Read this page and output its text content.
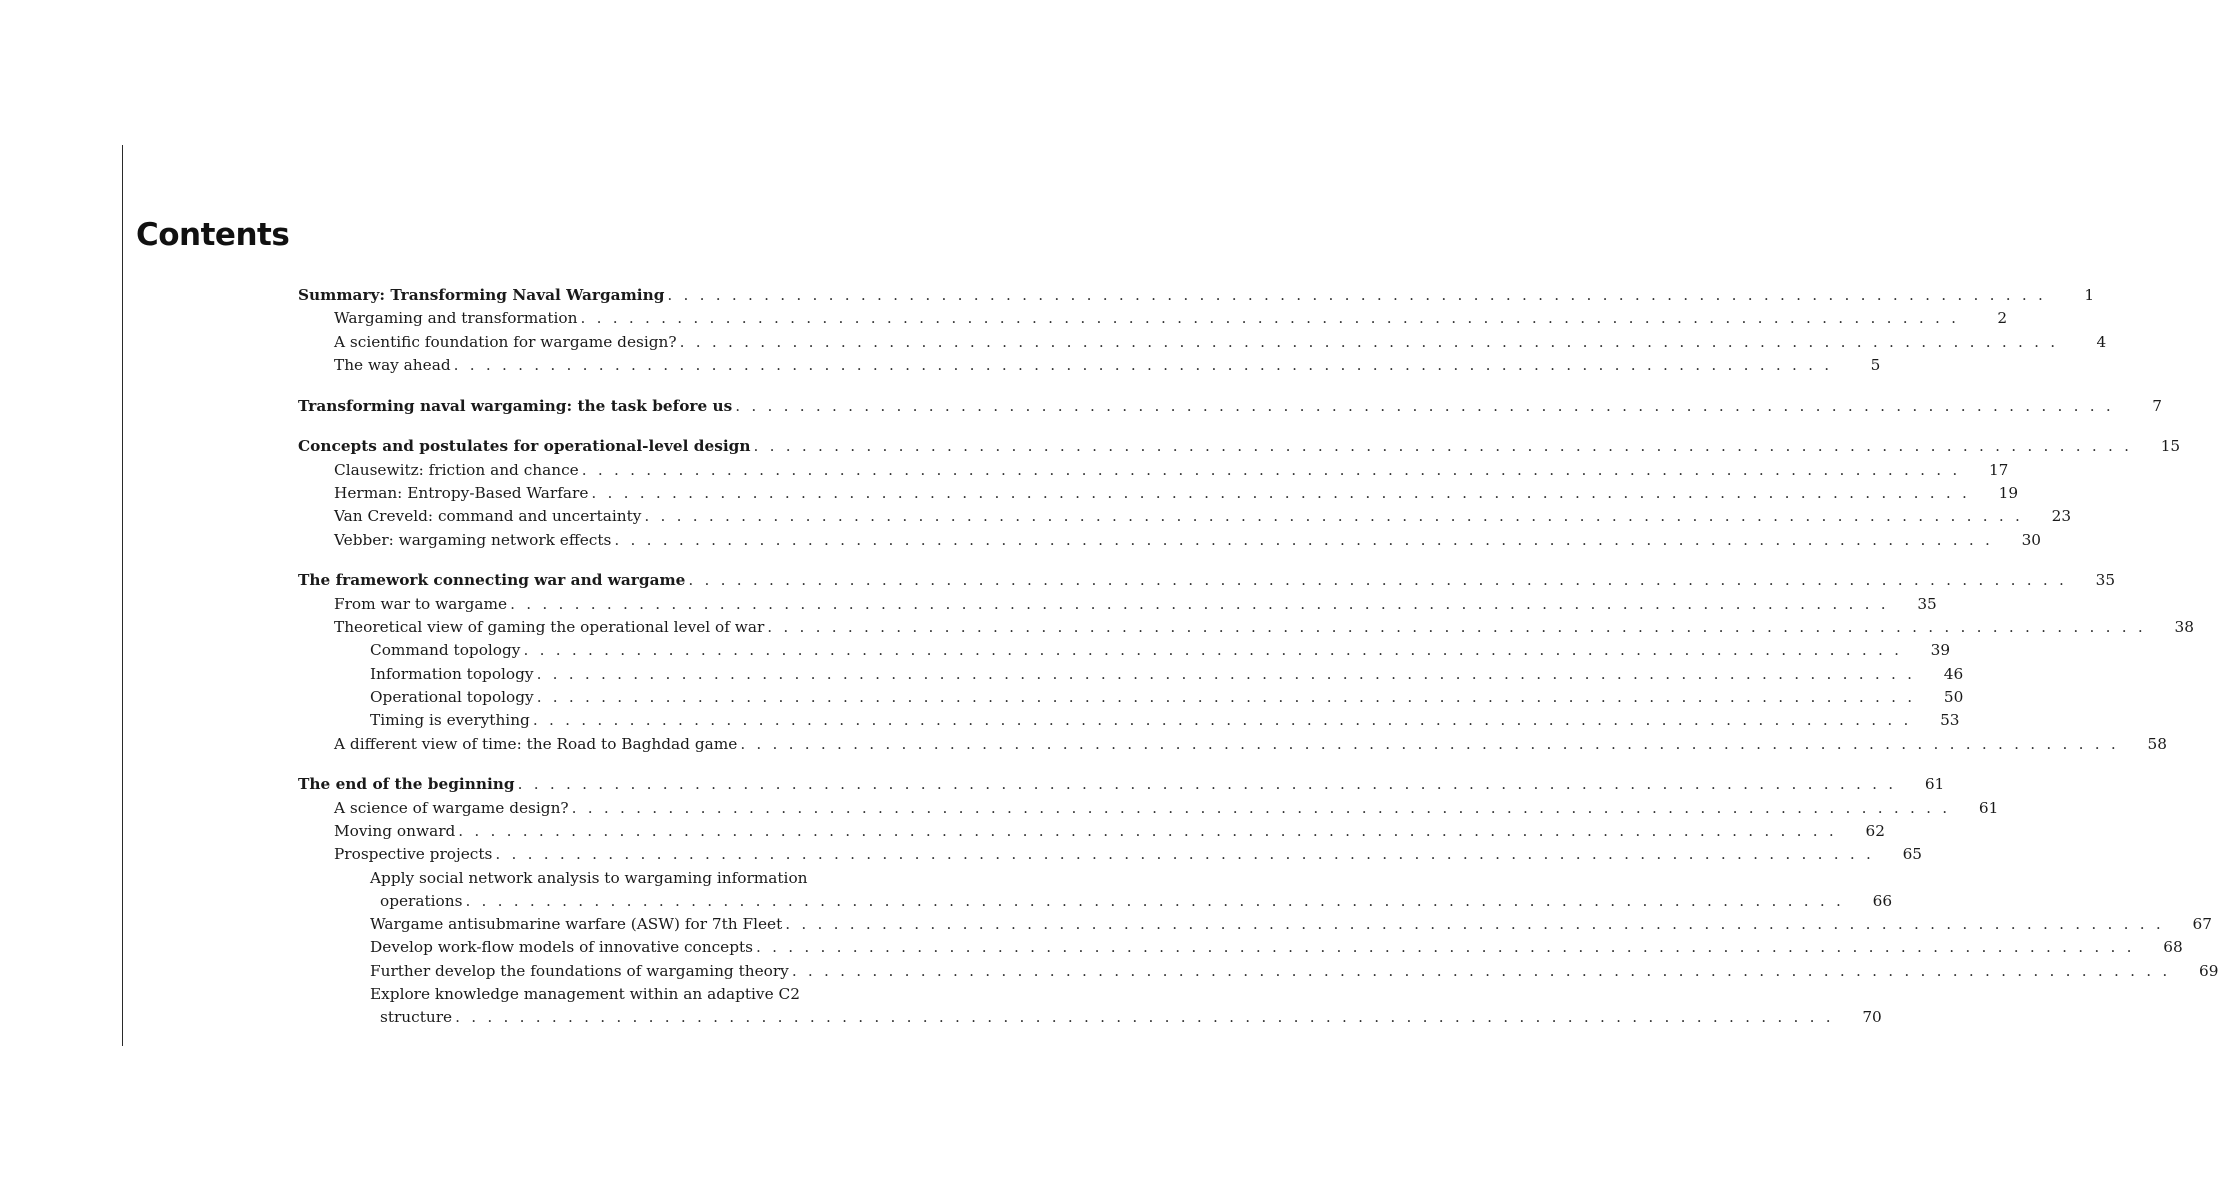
Contents
Summary: Transforming Naval Wargaming . . .	1
Wargaming and transformation . . .	2
A scientific foundation for wargame design? . . .	4
The way ahead . . .	5
Transforming naval wargaming: the task before us . . .	7
Concepts and postulates for operational-level design . . .	15
Clausewitz: friction and chance . . .	17
Herman: Entropy-Based Warfare . . .	19
Van Creveld: command and uncertainty . . .	23
Vebber: wargaming network effects . . .	30
The framework connecting war and wargame . . .	35
From war to wargame . . .	35
Theoretical view of gaming the operational level of war . . .	38
Command topology . . .	39
Information topology . . .	46
Operational topology . . .	50
Timing is everything . . .	53
A different view of time: the Road to Baghdad game . . .	58
The end of the beginning . . .	61
A science of wargame design? . . .	61
Moving onward . . .	62
Prospective projects . . .	65
Apply social network analysis to wargaming information
operations . . .	66
Wargame antisubmarine warfare (ASW) for 7th Fleet . . .	67
Develop work-flow models of innovative concepts . . .	68
Further develop the foundations of wargaming theory . . .	69
Explore knowledge management within an adaptive C2
structure . . .	70
